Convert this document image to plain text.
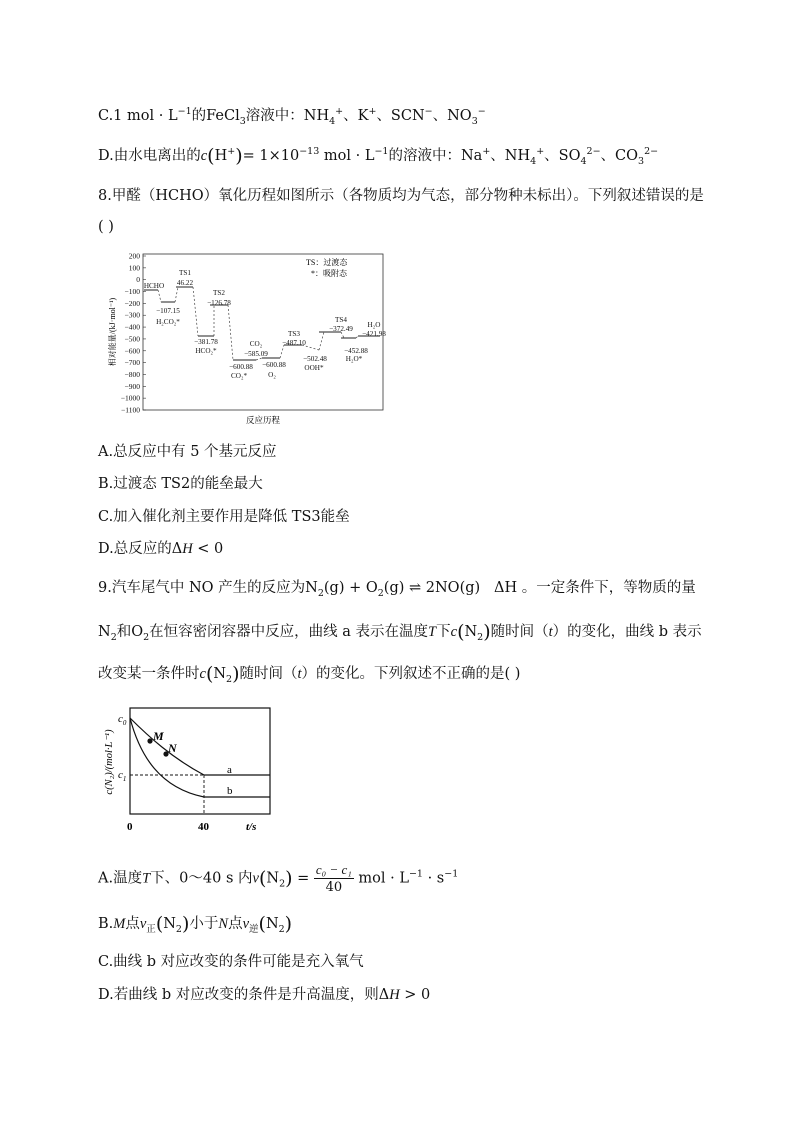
C.1 mol · $L^{-1}$的FeCl$_3$溶液中：$NH_4^+$、K+、SCN−、$NO_3^-$
D.由水电离出的$c(H^+)= 1\times 10^{-13}$ mol · $L^{-1}$的溶液中：Na+、$NH_4^+$、$SO_4^{2-}$、$CO_3^{2-}$
8.甲醛（HCHO）氧化历程如图所示（各物质均为气态，部分物种未标出）。下列叙述错误的是
( )
200
100
0
−100
−200
−300
−400
−500
−600
−700
−800
−900
−1000
−1100
相对能量/(kJ·mol⁻¹)
反应历程
TS：过渡态
*：吸附态
HCHO
TS1
46.22
−107.15
H₂CO₂*
TS2
−126.78
−381.78
HCO₂*
CO₂
−585.09
−600.88
CO₂*
−600.88
O₂
TS3
−487.10
−502.48
OOH*
TS4
−372.49
−452.88
H₂O*
H₂O
−421.98
A.总反应中有 5 个基元反应
B.过渡态 TS2的能垒最大
C.加入催化剂主要作用是降低 TS3能垒
D.总反应的ΔH < 0
9.汽车尾气中 NO 产生的反应为$N_2(g) + O_2(g)$ ⇌ 2NO(g) ΔH 。一定条件下，等物质的量
$N_2$和$O_2$在恒容密闭容器中反应，曲线 a 表示在温度T下$c(N_2)$随时间（t）的变化，曲线 b 表示
改变某一条件时$c(N_2)$随时间（t）的变化。下列叙述不正确的是( )
c(N₂)/(mol·L⁻¹)
$c_0$
$c_1$
M
N
a
b
0	40	t/s
A.温度T下、0～40 s 内$v(N_2) = \frac{\text{c₀ − c₁}}{40}$ mol · $L^{-1} \cdot s^{-1}$
B.M点$v_正(N_2)$小于N点$v_逆(N_2)$
C.曲线 b 对应改变的条件可能是充入氧气
D.若曲线 b 对应改变的条件是升高温度，则ΔH > 0
